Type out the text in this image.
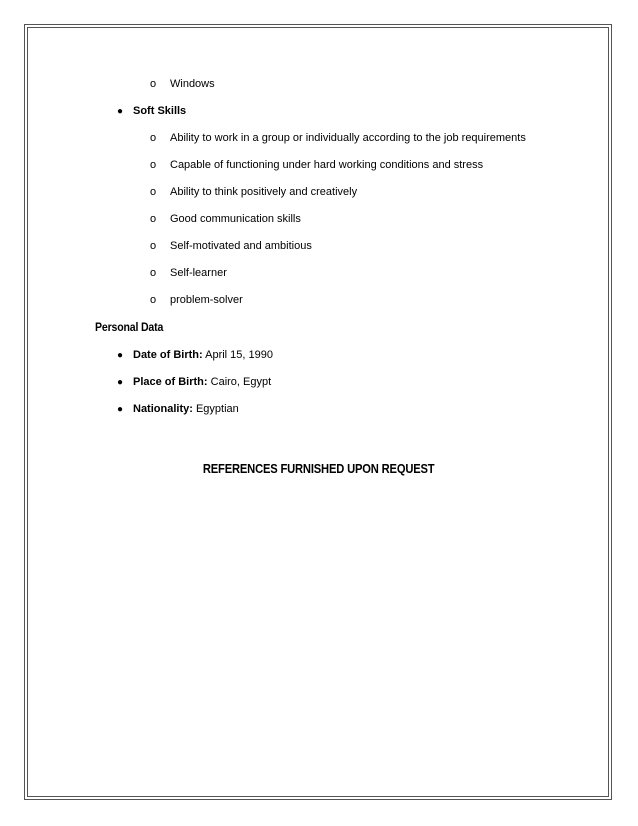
o Windows
● Soft Skills
o Ability to work in a group or individually according to the job requirements
o Capable of functioning under hard working conditions and stress
o Ability to think positively and creatively
o Good communication skills
o Self-motivated and ambitious
o Self-learner
o problem-solver
Personal Data
● Date of Birth: April 15, 1990
● Place of Birth: Cairo, Egypt
● Nationality: Egyptian
REFERENCES FURNISHED UPON REQUEST
